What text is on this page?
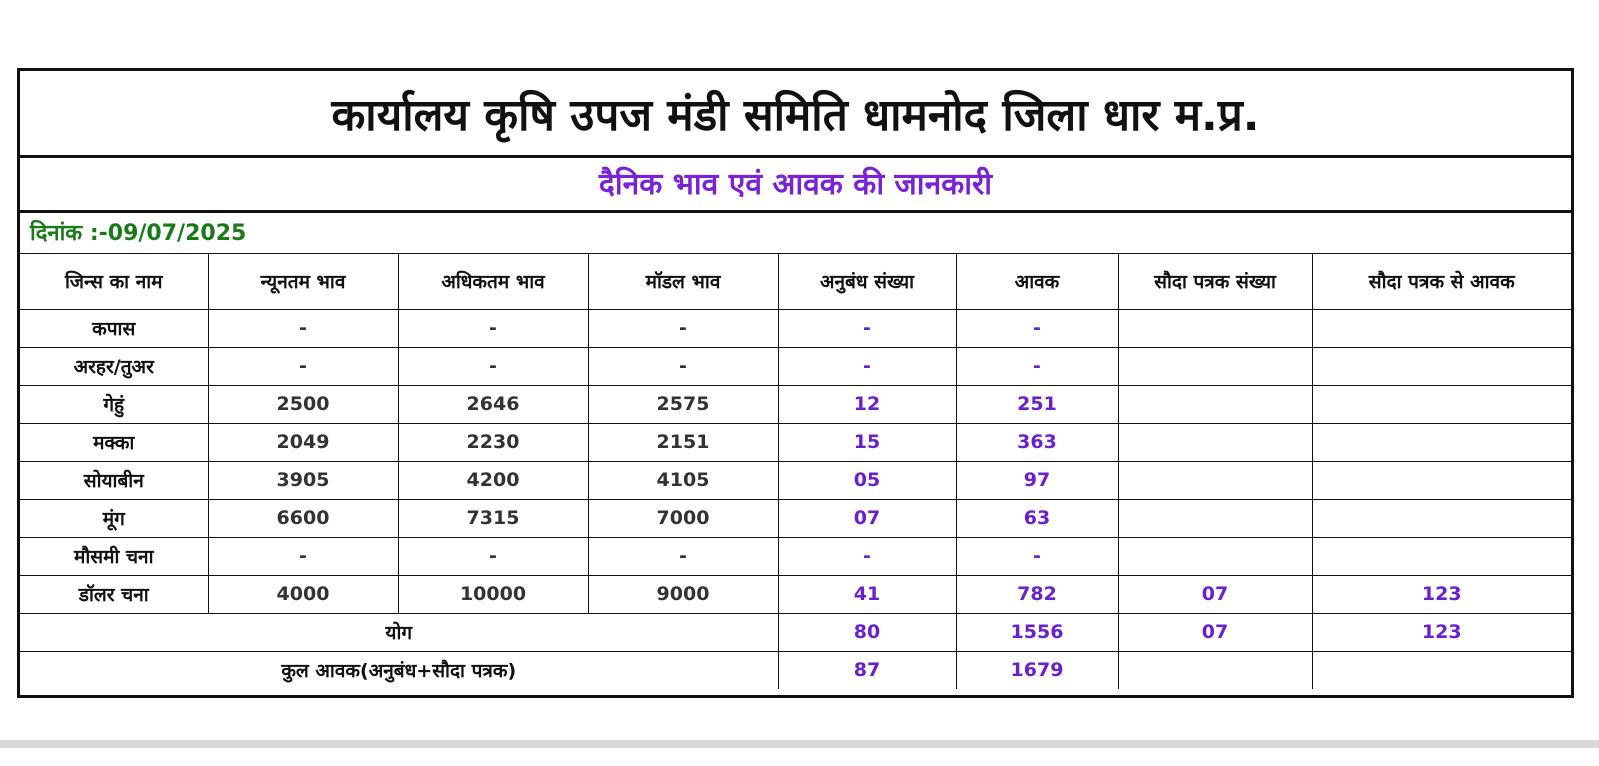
कार्यालय कृषि उपज मंडी समिति धामनोद जिला धार म.प्र.
दैनिक भाव एवं आवक की जानकारी
दिनांक :-09/07/2025
जिन्स का नाम	न्यूनतम भाव	अधिकतम भाव	मॉडल भाव	अनुबंध संख्या	आवक	सौदा पत्रक संख्या	सौदा पत्रक से आवक
कपास	-	-	-	-	-		
अरहर/तुअर	-	-	-	-	-		
गेहुं	2500	2646	2575	12	251		
मक्का	2049	2230	2151	15	363		
सोयाबीन	3905	4200	4105	05	97		
मूंग	6600	7315	7000	07	63		
मौसमी चना	-	-	-	-	-		
डॉलर चना	4000	10000	9000	41	782	07	123
योग				80	1556	07	123
कुल आवक(अनुबंध+सौदा पत्रक)				87	1679		
